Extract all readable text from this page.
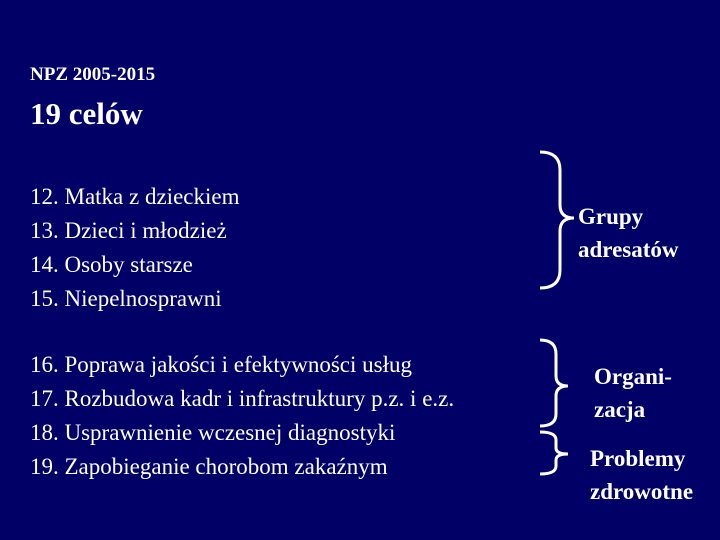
NPZ 2005-2015
19 celów
12. Matka z dzieckiem
13. Dzieci i młodzież
14. Osoby starsze
15. Niepelnosprawni
16. Poprawa jakości i efektywności usług
17. Rozbudowa kadr i infrastruktury p.z. i e.z.
18. Usprawnienie wczesnej diagnostyki
19. Zapobieganie chorobom zakaźnym
Grupy
adresatów
Organi-
zacja
Problemy
zdrowotne
